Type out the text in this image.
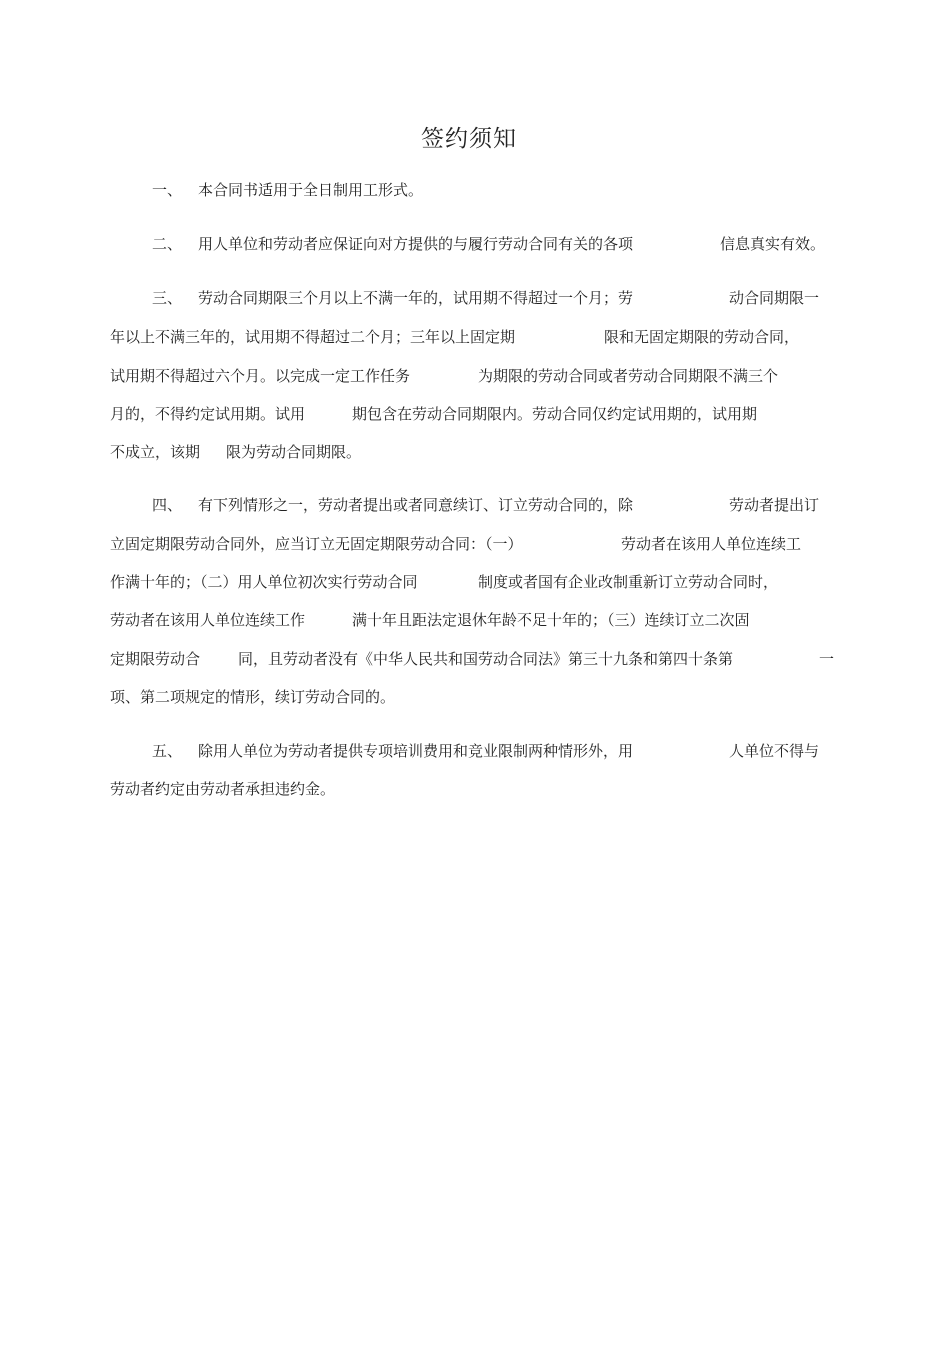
签约须知
一、 本合同书适用于全日制用工形式。
二、 用人单位和劳动者应保证向对方提供的与履行劳动合同有关的各项	信息真实有效。
三、 劳动合同期限三个月以上不满一年的，试用期不得超过一个月；劳	动合同期限一
年以上不满三年的，试用期不得超过二个月；三年以上固定期	限和无固定期限的劳动合同，
试用期不得超过六个月。以完成一定工作任务	为期限的劳动合同或者劳动合同期限不满三个
月的，不得约定试用期。试用	期包含在劳动合同期限内。劳动合同仅约定试用期的，试用期
不成立，该期 限为劳动合同期限。
四、 有下列情形之一，劳动者提出或者同意续订、订立劳动合同的，除	劳动者提出订
立固定期限劳动合同外，应当订立无固定期限劳动合同：（一）	劳动者在该用人单位连续工
作满十年的；（二）用人单位初次实行劳动合同	制度或者国有企业改制重新订立劳动合同时，
劳动者在该用人单位连续工作	满十年且距法定退休年龄不足十年的；（三）连续订立二次固
定期限劳动合	同，且劳动者没有《中华人民共和国劳动合同法》第三十九条和第四十条第	一
项、第二项规定的情形，续订劳动合同的。
五、 除用人单位为劳动者提供专项培训费用和竞业限制两种情形外，用	人单位不得与
劳动者约定由劳动者承担违约金。
